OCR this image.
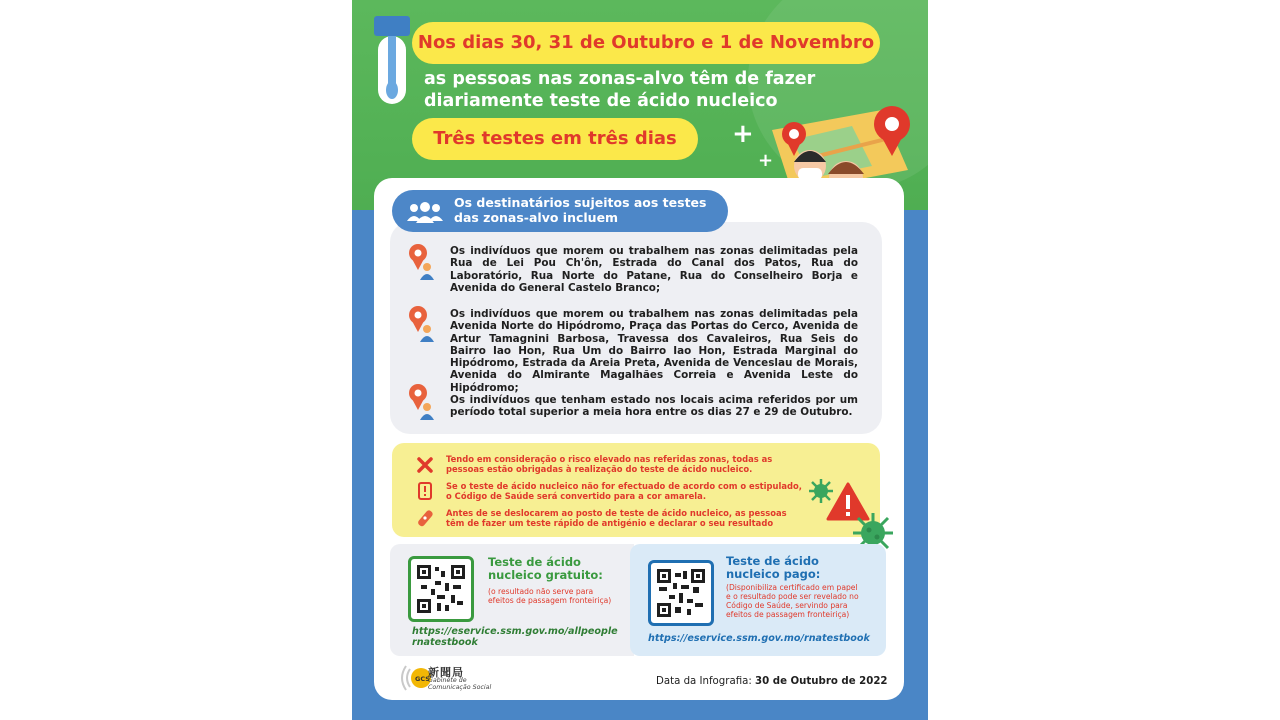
Nos dias 30, 31 de Outubro e 1 de Novembro
as pessoas nas zonas-alvo têm de fazer
diariamente teste de ácido nucleico
Três testes em três dias	+
+
Os destinatários sujeitos aos testes
das zonas-alvo incluem
Os indivíduos que morem ou trabalhem nas zonas delimitadas pela Rua de Lei Pou Ch'ôn, Estrada do Canal dos Patos, Rua do Laboratório, Rua Norte do Patane, Rua do Conselheiro Borja e Avenida do General Castelo Branco;
Os indivíduos que morem ou trabalhem nas zonas delimitadas pela Avenida Norte do Hipódromo, Praça das Portas do Cerco, Avenida de Artur Tamagnini Barbosa, Travessa dos Cavaleiros, Rua Seis do Bairro Iao Hon, Rua Um do Bairro Iao Hon, Estrada Marginal do Hipódromo, Estrada da Areia Preta, Avenida de Venceslau de Morais, Avenida do Almirante Magalhães Correia e Avenida Leste do Hipódromo;
Os indivíduos que tenham estado nos locais acima referidos por um período total superior a meia hora entre os dias 27 e 29 de Outubro.
Tendo em consideração o risco elevado nas referidas zonas, todas as pessoas estão obrigadas à realização do teste de ácido nucleico.
Se o teste de ácido nucleico não for efectuado de acordo com o estipulado, o Código de Saúde será convertido para a cor amarela.
Antes de se deslocarem ao posto de teste de ácido nucleico, as pessoas têm de fazer um teste rápido de antigénio e declarar o seu resultado
Teste de ácido
nucleico gratuito:
(o resultado não serve para efeitos de passagem fronteiriça)
https://eservice.ssm.gov.mo/allpeople
rnatestbook
Teste de ácido
nucleico pago:
(Disponibiliza certificado em papel e o resultado pode ser revelado no Código de Saúde, servindo para efeitos de passagem fronteiriça)
https://eservice.ssm.gov.mo/rnatestbook
GCS
新聞局
Gabinete de
Comunicação Social
Data da Infografia: 30 de Outubro de 2022
